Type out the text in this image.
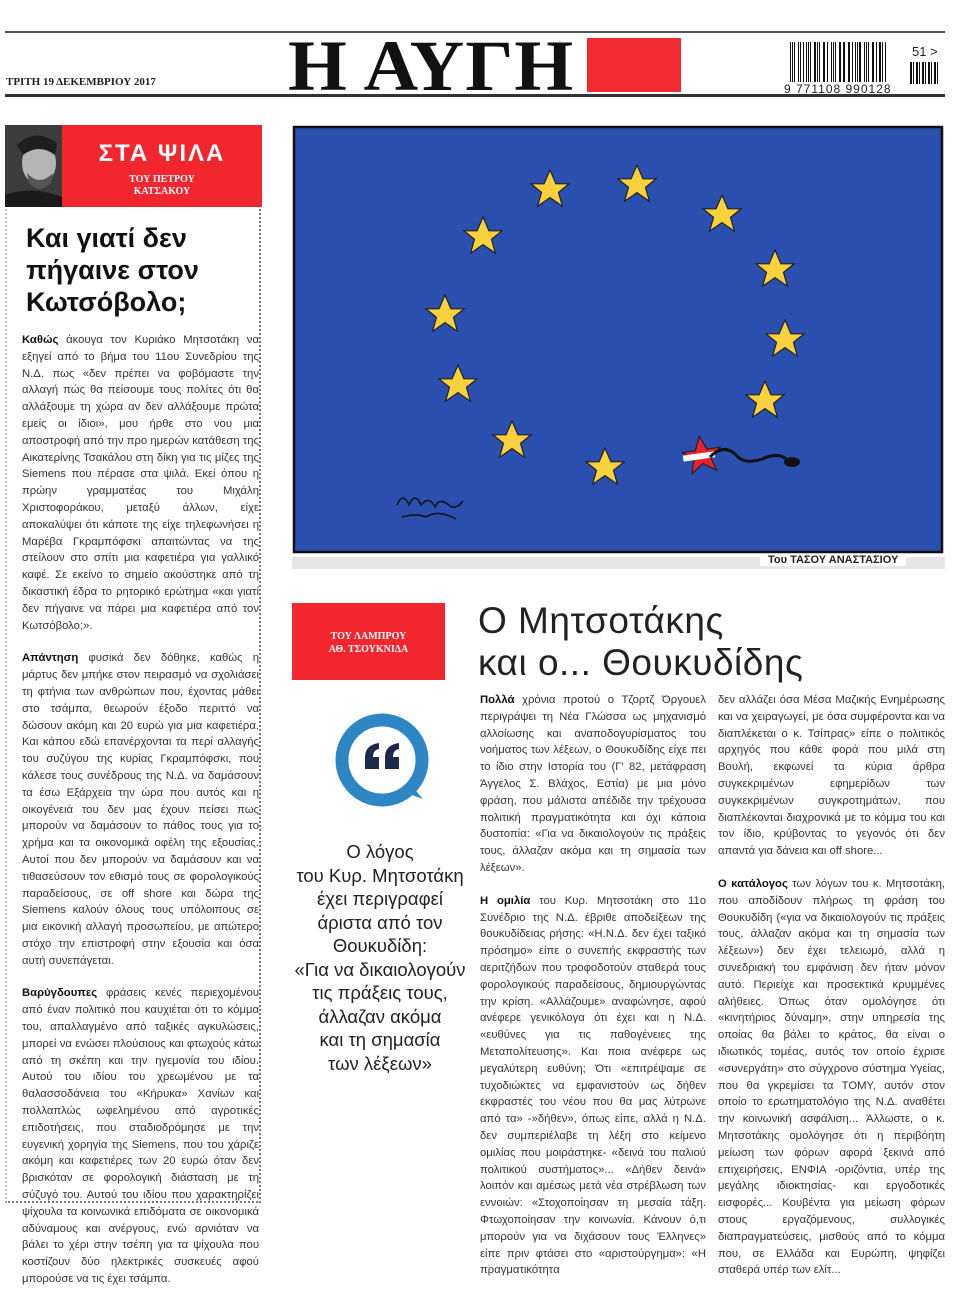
Η ΑΥΓΗ
ΤΡΙΤΗ 19 ΔΕΚΕΜΒΡΙΟΥ 2017	9 771108 990128
51 >
ΣΤΑ ΨΙΛΑ
ΤΟΥ ΠΕΤΡΟΥ
ΚΑΤΣΑΚΟΥ
Και γιατί δεν
πήγαινε στον
Κωτσόβολο;

Καθώς άκουγα τον Κυριάκο Μητσοτάκη να εξηγεί από το βήμα του 11ου Συνεδρίου της Ν.Δ. πως «δεν πρέπει να φοβόμαστε την αλλαγή πώς θα πείσουμε τους πολίτες ότι θα αλλάξουμε τη χώρα αν δεν αλλάξουμε πρώτα εμείς οι ίδιοι», μου ήρθε στο νου μια αποστροφή από την προ ημερών κατάθεση της Αικατερίνης Τσακάλου στη δίκη για τις μίζες της Siemens που πέρασε στα ψιλά. Εκεί όπου η πρώην γραμματέας του Μιχάλη Χριστοφοράκου, μεταξύ άλλων, είχε αποκαλύψει ότι κάποτε της είχε τηλεφωνήσει η Μαρέβα Γκραμπόφσκι απαιτώντας να της στείλουν στο σπίτι μια καφετιέρα για γαλλικό καφέ. Σε εκείνο το σημείο ακούστηκε από τη δικαστική έδρα το ρητορικό ερώτημα «και γιατί δεν πήγαινε να πάρει μια καφετιέρα από τον Κωτσόβολο;».

Απάντηση φυσικά δεν δόθηκε, καθώς η μάρτυς δεν μπήκε στον πειρασμό να σχολιάσει τη φτήνια των ανθρώπων που, έχοντας μάθει στο τσάμπα, θεωρούν έξοδο περιττό να δώσουν ακόμη και 20 ευρώ για μια καφετιέρα. Και κάπου εδώ επανέρχονται τα περί αλλαγής του συζύγου της κυρίας Γκραμπόφσκι, που κάλεσε τους συνέδρους της Ν.Δ. να δαμάσουν τα έσω Εξάρχεια την ώρα που αυτός και η οικογένειά του δεν μας έχουν πείσει πως μπορούν να δαμάσουν το πάθος τους για το χρήμα και τα οικονομικά οφέλη της εξουσίας. Αυτοί που δεν μπορούν να δαμάσουν και να τιθασεύσουν τον εθισμό τους σε φορολογικούς παραδείσους, σε off shore και δώρα της Siemens καλούν όλους τους υπόλοιπους σε μια εικονική αλλαγή προσωπείου, με απώτερο στόχο την επιστροφή στην εξουσία και όσα αυτή συνεπάγεται.

Βαρύγδουπες φράσεις κενές περιεχομένου από έναν πολιτικό που καυχιέται ότι το κόμμα του, απαλλαγμένο από ταξικές αγκυλώσεις, μπορεί να ενώσει πλούσιους και φτωχούς κάτω από τη σκέπη και την ηγεμονία του ιδίου. Αυτού του ιδίου του χρεωμένου με τα θαλασσοδάνεια του «Κήρυκα» Χανίων και πολλαπλώς ωφελημένου από αγροτικές επιδοτήσεις, που σταδιοδρόμησε με την ευγενική χορηγία της Siemens, που του χάριζε ακόμη και καφετιέρες των 20 ευρώ όταν δεν βρισκόταν σε φορολογική διάσταση με τη σύζυγό του. Αυτού του ιδίου που χαρακτηρίζει ψίχουλα τα κοινωνικά επιδόματα σε οικονομικά αδύναμους και ανέργους, ενώ αρνιόταν να βάλει το χέρι στην τσέπη για τα ψίχουλα που κοστίζουν δύο ηλεκτρικές συσκευές αφού μπορούσε να τις έχει τσάμπα.

Του ΤΑΣΟΥ ΑΝΑΣΤΑΣΙΟΥ
ΤΟΥ ΛΑΜΠΡΟΥ
ΑΘ. ΤΣΟΥΚΝΙΔΑ
Ο Μητσοτάκης
και ο... Θουκυδίδης
Ο λόγος
του Κυρ. Μητσοτάκη
έχει περιγραφεί
άριστα από τον
Θουκυδίδη:
«Για να δικαιολογούν
τις πράξεις τους,
άλλαζαν ακόμα
και τη σημασία
των λέξεων»

Πολλά χρόνια προτού ο Τζορτζ Όργουελ περιγράψει τη Νέα Γλώσσα ως μηχανισμό αλλοίωσης και αναποδογυρίσματος του νοήματος των λέξεων, ο Θουκυδίδης είχε πει το ίδιο στην Ιστορία του (Γ' 82, μετάφραση Άγγελος Σ. Βλάχος, Εστία) με μια μόνο φράση, που μάλιστα απέδιδε την τρέχουσα πολιτική πραγματικότητα και όχι κάποια δυστοπία: «Για να δικαιολογούν τις πράξεις τους, άλλαζαν ακόμα και τη σημασία των λέξεων».

Η ομιλία του Κυρ. Μητσοτάκη στο 11ο Συνέδριο της Ν.Δ. έβριθε αποδείξεων της θουκυδίδειας ρήσης: «Η.Ν.Δ. δεν έχει ταξικό πρόσημο» είπε ο συνεπής εκφραστής των αεριτζήδων που τροφοδοτούν σταθερά τους φορολογικούς παραδείσους, δημιουργώντας την κρίση. «Αλλάζουμε» αναφώνησε, αφού ανέφερε γενικόλογα ότι έχει και η Ν.Δ. «ευθύνες για τις παθογένειες της Μεταπολίτευσης». Και ποια ανέφερε ως μεγαλύτερη ευθύνη; Ότι «επιτρέψαμε σε τυχοδιώκτες να εμφανιστούν ως δήθεν εκφραστές του νέου που θα μας λύτρωνε από τα» -»δήθεν», όπως είπε, αλλά η Ν.Δ. δεν συμπεριέλαβε τη λέξη στο κείμενο ομιλίας που μοιράστηκε- «δεινά του παλιού πολιτικού συστήματος»... «Δήθεν δεινά» λοιπόν και αμέσως μετά νέα στρέβλωση των εννοιών: «Στοχοποίησαν τη μεσαία τάξη. Φτωχοποίησαν την κοινωνία. Κάνουν ό,τι μπορούν για να διχάσουν τους Έλληνες» είπε πριν φτάσει στο «αριστούργημα»: «Η πραγματικότητα

δεν αλλάζει όσα Μέσα Μαζικής Ενημέρωσης και να χειραγωγεί, με όσα συμφέροντα και να διαπλέκεται ο κ. Τσίπρας» είπε ο πολιτικός αρχηγός που κάθε φορά που μιλά στη Βουλή, εκφωνεί τα κύρια άρθρα συγκεκριμένων εφημερίδων των συγκεκριμένων συγκροτημάτων, που διαπλέκονται διαχρονικά με το κόμμα του και τον ίδιο, κρύβοντας το γεγονός ότι δεν απαντά για δάνεια και off shore...

Ο κατάλογος των λόγων του κ. Μητσοτάκη, που αποδίδουν πλήρως τη φράση του Θουκυδίδη («για να δικαιολογούν τις πράξεις τους, άλλαζαν ακόμα και τη σημασία των λέξεων») δεν έχει τελειωμό, αλλά η συνεδριακή του εμφάνιση δεν ήταν μόνον αυτό. Περιείχε και προσεκτικά κρυμμένες αλήθειες. Όπως όταν ομολόγησε ότι «κινητήριος δύναμη», στην υπηρεσία της οποίας θα βάλει το κράτος, θα είναι ο ιδιωτικός τομέας, αυτός τον οποίο έχρισε «συνεργάτη» στο σύγχρονο σύστημα Υγείας, που θα γκρεμίσει τα ΤΟΜΥ, αυτόν στον οποίο το ερωτηματολόγιο της Ν.Δ. αναθέτει την κοινωνική ασφάλιση... Άλλωστε, ο κ. Μητσοτάκης ομολόγησε ότι η περιβόητη μείωση των φόρων αφορά ξεκινά από επιχειρήσεις, ΕΝΦΙΑ -οριζόντια, υπέρ της μεγάλης ιδιοκτησίας- και εργοδοτικές εισφορές... Κουβέντα για μείωση φόρων στους εργαζόμενους, συλλογικές διαπραγματεύσεις, μισθούς από το κόμμα που, σε Ελλάδα και Ευρώπη, ψηφίζει σταθερά υπέρ των ελίτ...
